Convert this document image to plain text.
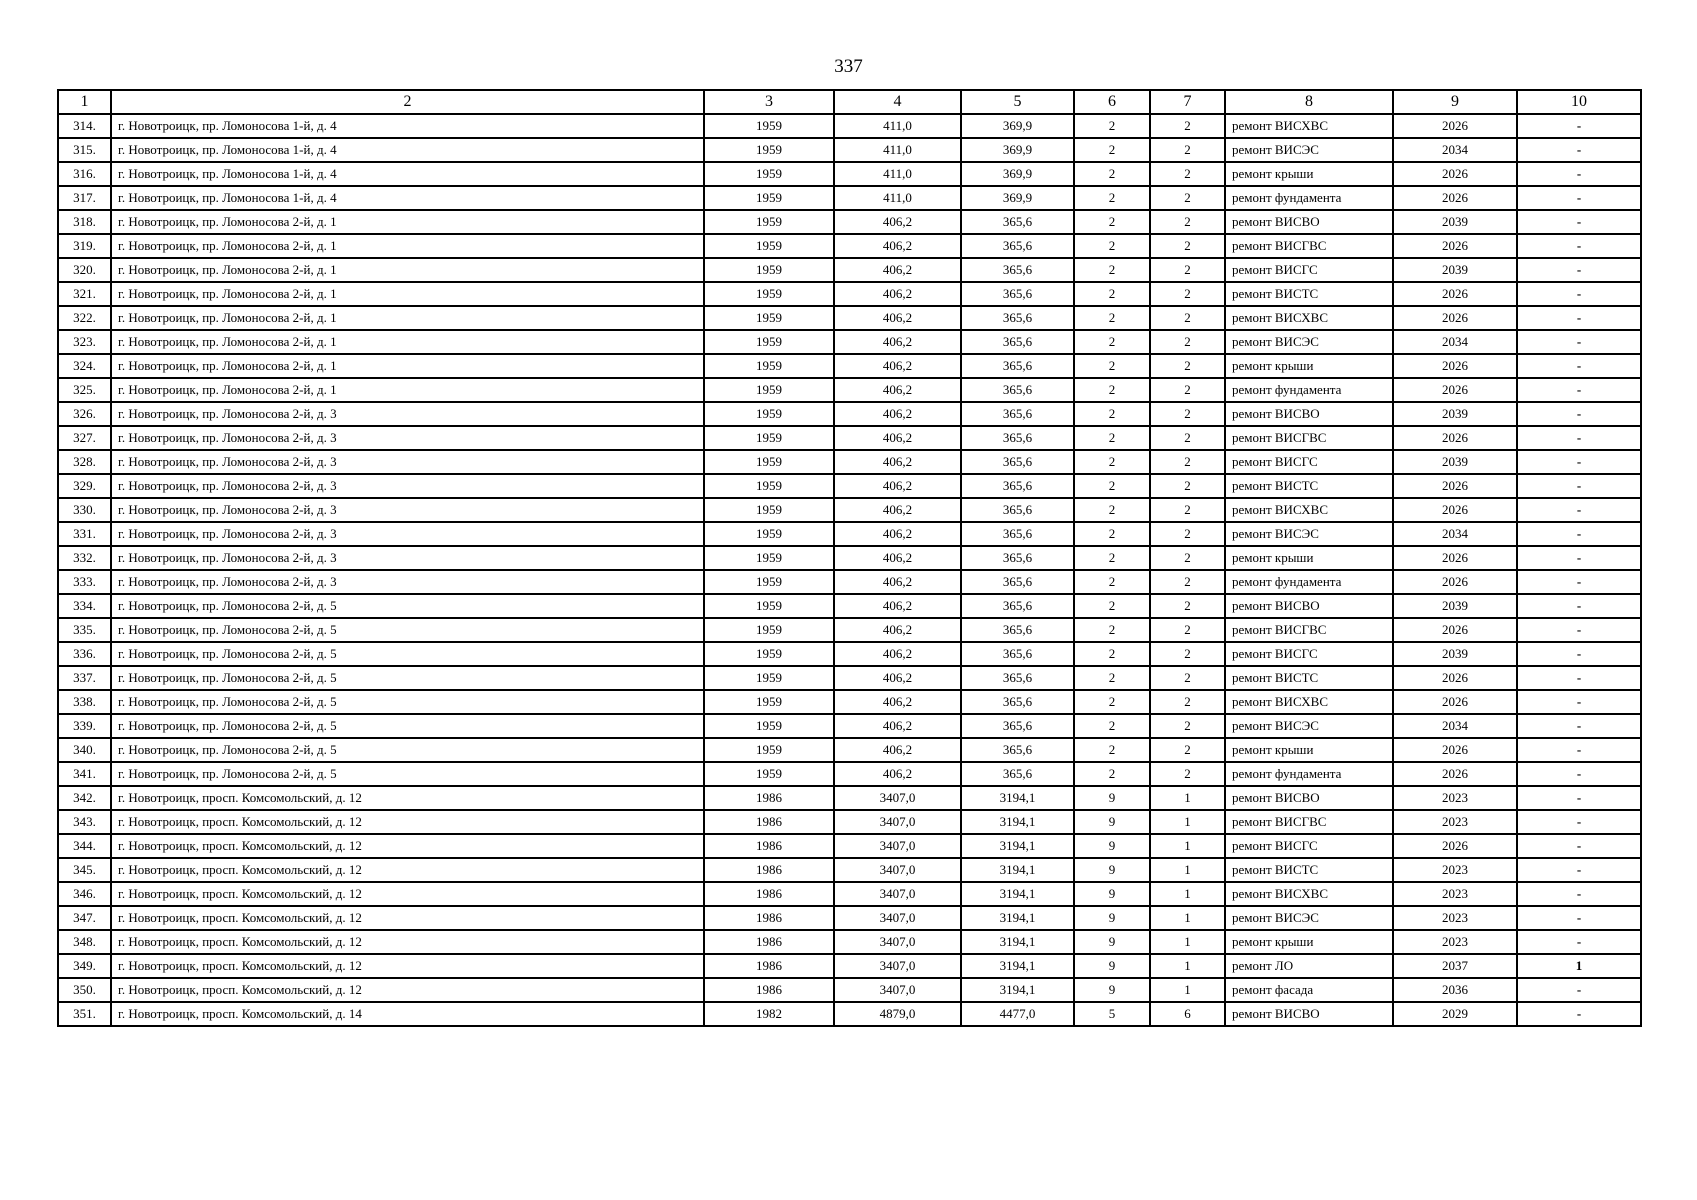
337
1	2	3	4	5	6	7	8	9	10
314.	г. Новотроицк, пр. Ломоносова 1-й, д. 4	1959	411,0	369,9	2	2	ремонт ВИСХВС	2026	-
315.	г. Новотроицк, пр. Ломоносова 1-й, д. 4	1959	411,0	369,9	2	2	ремонт ВИСЭС	2034	-
316.	г. Новотроицк, пр. Ломоносова 1-й, д. 4	1959	411,0	369,9	2	2	ремонт крыши	2026	-
317.	г. Новотроицк, пр. Ломоносова 1-й, д. 4	1959	411,0	369,9	2	2	ремонт фундамента	2026	-
318.	г. Новотроицк, пр. Ломоносова 2-й, д. 1	1959	406,2	365,6	2	2	ремонт ВИСВО	2039	-
319.	г. Новотроицк, пр. Ломоносова 2-й, д. 1	1959	406,2	365,6	2	2	ремонт ВИСГВС	2026	-
320.	г. Новотроицк, пр. Ломоносова 2-й, д. 1	1959	406,2	365,6	2	2	ремонт ВИСГС	2039	-
321.	г. Новотроицк, пр. Ломоносова 2-й, д. 1	1959	406,2	365,6	2	2	ремонт ВИСТС	2026	-
322.	г. Новотроицк, пр. Ломоносова 2-й, д. 1	1959	406,2	365,6	2	2	ремонт ВИСХВС	2026	-
323.	г. Новотроицк, пр. Ломоносова 2-й, д. 1	1959	406,2	365,6	2	2	ремонт ВИСЭС	2034	-
324.	г. Новотроицк, пр. Ломоносова 2-й, д. 1	1959	406,2	365,6	2	2	ремонт крыши	2026	-
325.	г. Новотроицк, пр. Ломоносова 2-й, д. 1	1959	406,2	365,6	2	2	ремонт фундамента	2026	-
326.	г. Новотроицк, пр. Ломоносова 2-й, д. 3	1959	406,2	365,6	2	2	ремонт ВИСВО	2039	-
327.	г. Новотроицк, пр. Ломоносова 2-й, д. 3	1959	406,2	365,6	2	2	ремонт ВИСГВС	2026	-
328.	г. Новотроицк, пр. Ломоносова 2-й, д. 3	1959	406,2	365,6	2	2	ремонт ВИСГС	2039	-
329.	г. Новотроицк, пр. Ломоносова 2-й, д. 3	1959	406,2	365,6	2	2	ремонт ВИСТС	2026	-
330.	г. Новотроицк, пр. Ломоносова 2-й, д. 3	1959	406,2	365,6	2	2	ремонт ВИСХВС	2026	-
331.	г. Новотроицк, пр. Ломоносова 2-й, д. 3	1959	406,2	365,6	2	2	ремонт ВИСЭС	2034	-
332.	г. Новотроицк, пр. Ломоносова 2-й, д. 3	1959	406,2	365,6	2	2	ремонт крыши	2026	-
333.	г. Новотроицк, пр. Ломоносова 2-й, д. 3	1959	406,2	365,6	2	2	ремонт фундамента	2026	-
334.	г. Новотроицк, пр. Ломоносова 2-й, д. 5	1959	406,2	365,6	2	2	ремонт ВИСВО	2039	-
335.	г. Новотроицк, пр. Ломоносова 2-й, д. 5	1959	406,2	365,6	2	2	ремонт ВИСГВС	2026	-
336.	г. Новотроицк, пр. Ломоносова 2-й, д. 5	1959	406,2	365,6	2	2	ремонт ВИСГС	2039	-
337.	г. Новотроицк, пр. Ломоносова 2-й, д. 5	1959	406,2	365,6	2	2	ремонт ВИСТС	2026	-
338.	г. Новотроицк, пр. Ломоносова 2-й, д. 5	1959	406,2	365,6	2	2	ремонт ВИСХВС	2026	-
339.	г. Новотроицк, пр. Ломоносова 2-й, д. 5	1959	406,2	365,6	2	2	ремонт ВИСЭС	2034	-
340.	г. Новотроицк, пр. Ломоносова 2-й, д. 5	1959	406,2	365,6	2	2	ремонт крыши	2026	-
341.	г. Новотроицк, пр. Ломоносова 2-й, д. 5	1959	406,2	365,6	2	2	ремонт фундамента	2026	-
342.	г. Новотроицк, просп. Комсомольский, д. 12	1986	3407,0	3194,1	9	1	ремонт ВИСВО	2023	-
343.	г. Новотроицк, просп. Комсомольский, д. 12	1986	3407,0	3194,1	9	1	ремонт ВИСГВС	2023	-
344.	г. Новотроицк, просп. Комсомольский, д. 12	1986	3407,0	3194,1	9	1	ремонт ВИСГС	2026	-
345.	г. Новотроицк, просп. Комсомольский, д. 12	1986	3407,0	3194,1	9	1	ремонт ВИСТС	2023	-
346.	г. Новотроицк, просп. Комсомольский, д. 12	1986	3407,0	3194,1	9	1	ремонт ВИСХВС	2023	-
347.	г. Новотроицк, просп. Комсомольский, д. 12	1986	3407,0	3194,1	9	1	ремонт ВИСЭС	2023	-
348.	г. Новотроицк, просп. Комсомольский, д. 12	1986	3407,0	3194,1	9	1	ремонт крыши	2023	-
349.	г. Новотроицк, просп. Комсомольский, д. 12	1986	3407,0	3194,1	9	1	ремонт ЛО	2037	1
350.	г. Новотроицк, просп. Комсомольский, д. 12	1986	3407,0	3194,1	9	1	ремонт фасада	2036	-
351.	г. Новотроицк, просп. Комсомольский, д. 14	1982	4879,0	4477,0	5	6	ремонт ВИСВО	2029	-
